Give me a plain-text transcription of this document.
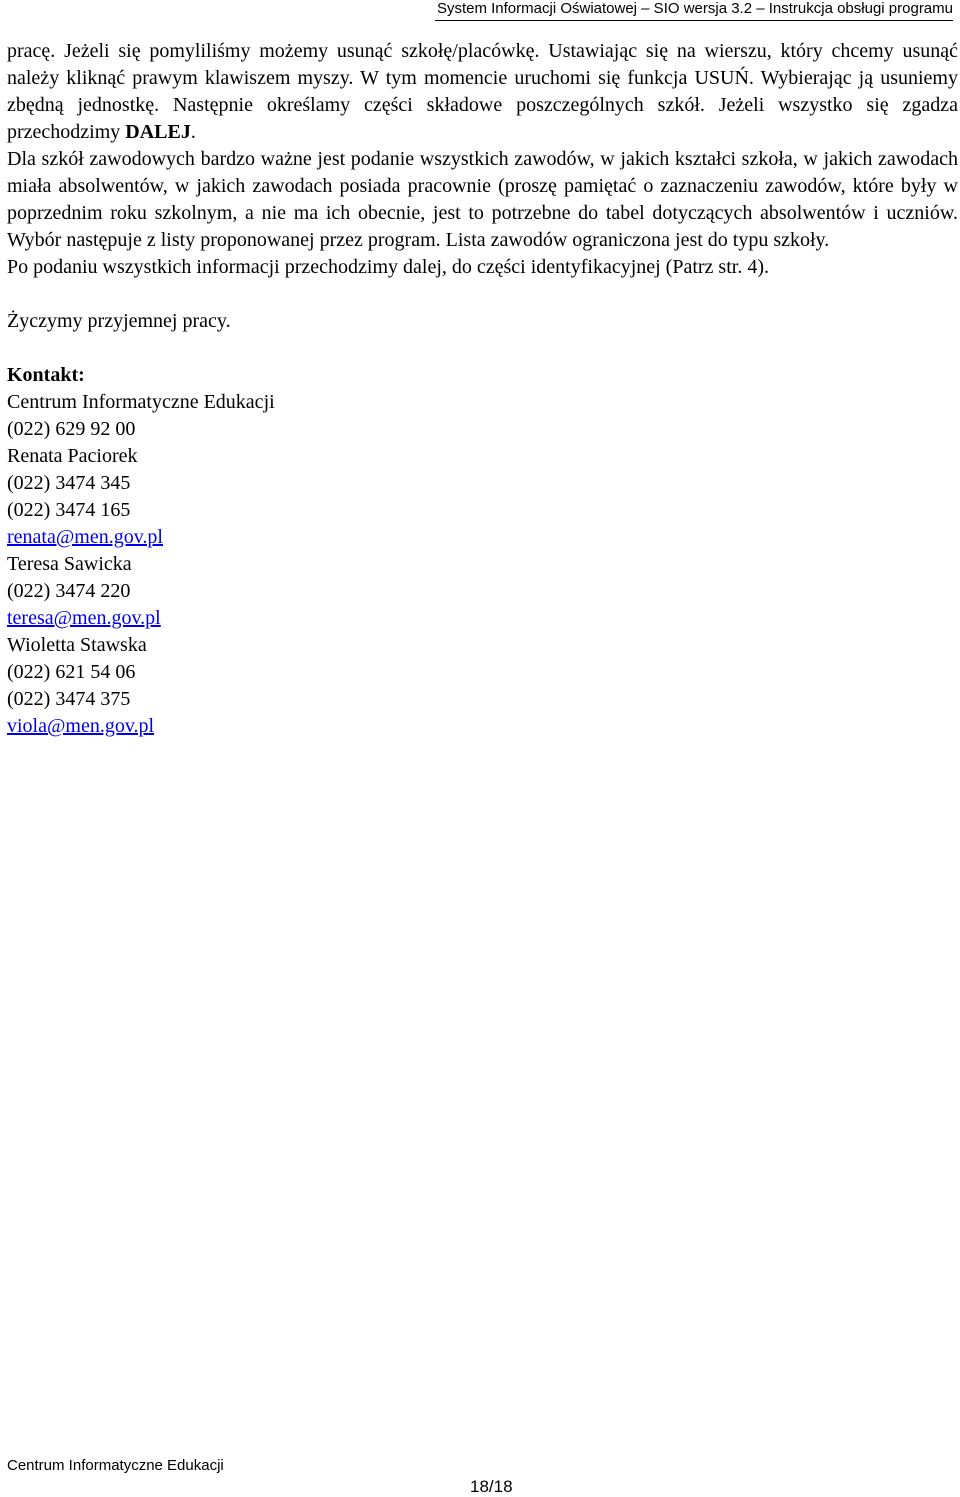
System Informacji Oświatowej – SIO wersja 3.2 – Instrukcja obsługi programu

pracę. Jeżeli się pomyliliśmy możemy usunąć szkołę/placówkę. Ustawiając się na wierszu, który chcemy usunąć należy kliknąć prawym klawiszem myszy. W tym momencie uruchomi się funkcja USUŃ. Wybierając ją usuniemy zbędną jednostkę. Następnie określamy części składowe poszczególnych szkół. Jeżeli wszystko się zgadza przechodzimy DALEJ.

Dla szkół zawodowych bardzo ważne jest podanie wszystkich zawodów, w jakich kształci szkoła, w jakich zawodach miała absolwentów, w jakich zawodach posiada pracownie (proszę pamiętać o zaznaczeniu zawodów, które były w poprzednim roku szkolnym, a nie ma ich obecnie, jest to potrzebne do tabel dotyczących absolwentów i uczniów. Wybór następuje z listy proponowanej przez program. Lista zawodów ograniczona jest do typu szkoły.

Po podaniu wszystkich informacji przechodzimy dalej, do części identyfikacyjnej (Patrz str. 4).

Życzymy przyjemnej pracy.

Kontakt:
Centrum Informatyczne Edukacji
(022) 629 92 00
Renata Paciorek
(022) 3474 345
(022) 3474 165
renata@men.gov.pl
Teresa Sawicka
(022) 3474 220
teresa@men.gov.pl
Wioletta Stawska
(022) 621 54 06
(022) 3474 375
viola@men.gov.pl
Centrum Informatyczne Edukacji
18/18
